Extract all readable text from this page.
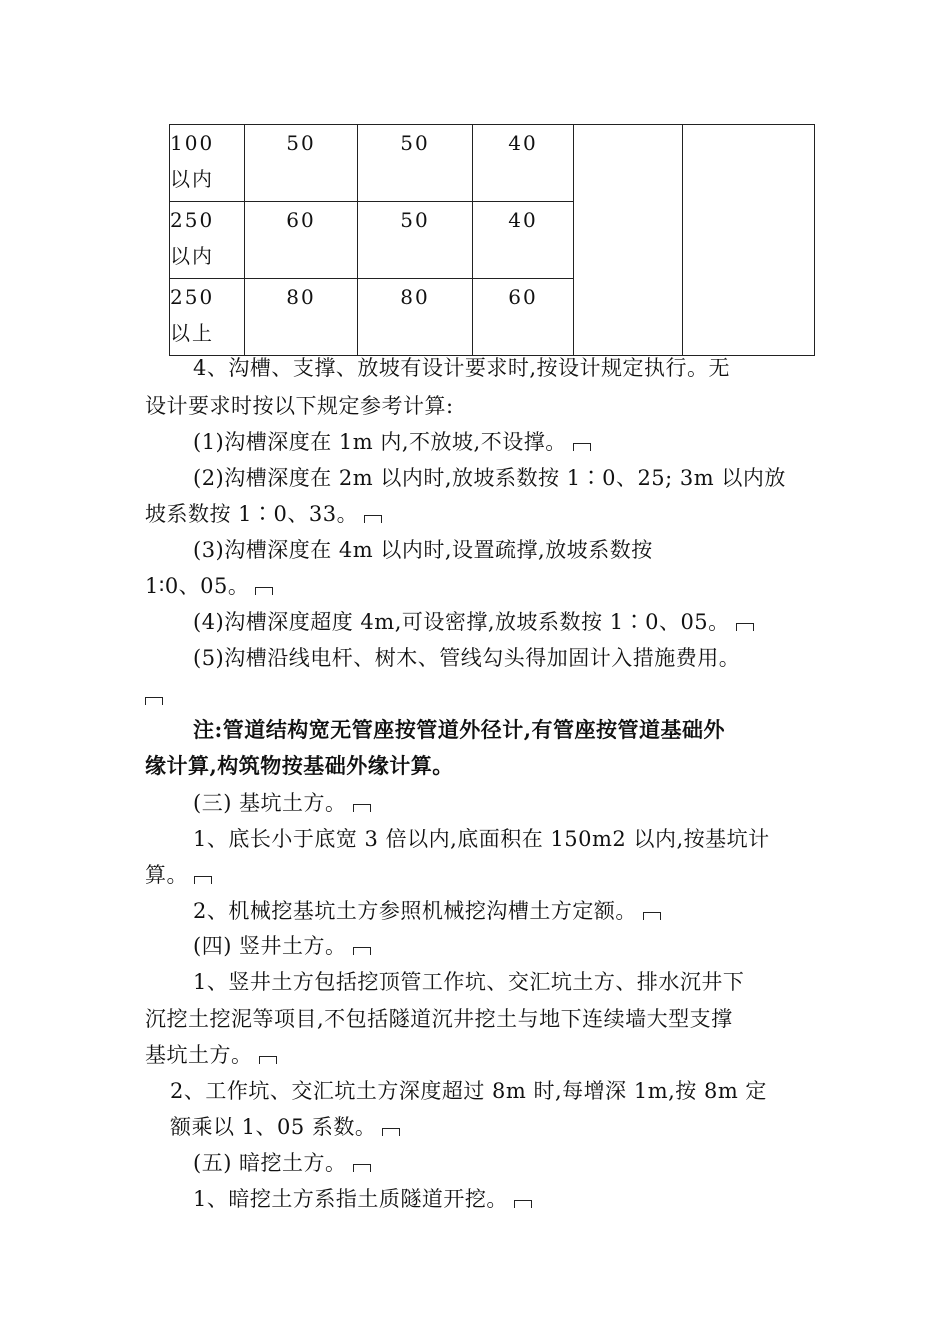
100
以内	50	50	40		
250
以内	60	50	40		
250
以上	80	80	60		
4、沟槽、支撑、放坡有设计要求时,按设计规定执行。无
设计要求时按以下规定参考计算:
(1)沟槽深度在 1m 内,不放坡,不设撑。
(2)沟槽深度在 2m 以内时,放坡系数按 1∶0、25; 3m 以内放
坡系数按 1∶0、33。
(3)沟槽深度在 4m 以内时,设置疏撑,放坡系数按
1∶0、05。
(4)沟槽深度超度 4m,可设密撑,放坡系数按 1∶0、05。
(5)沟槽沿线电杆、树木、管线勾头得加固计入措施费用。
注:管道结构宽无管座按管道外径计,有管座按管道基础外
缘计算,构筑物按基础外缘计算。
(三) 基坑土方。
1、底长小于底宽 3 倍以内,底面积在 150m2 以内,按基坑计
算。
2、机械挖基坑土方参照机械挖沟槽土方定额。
(四) 竖井土方。
1、竖井土方包括挖顶管工作坑、交汇坑土方、排水沉井下
沉挖土挖泥等项目,不包括隧道沉井挖土与地下连续墙大型支撑
基坑土方。
2、工作坑、交汇坑土方深度超过 8m 时,每增深 1m,按 8m 定
额乘以 1、05 系数。
(五) 暗挖土方。
1、暗挖土方系指土质隧道开挖。
